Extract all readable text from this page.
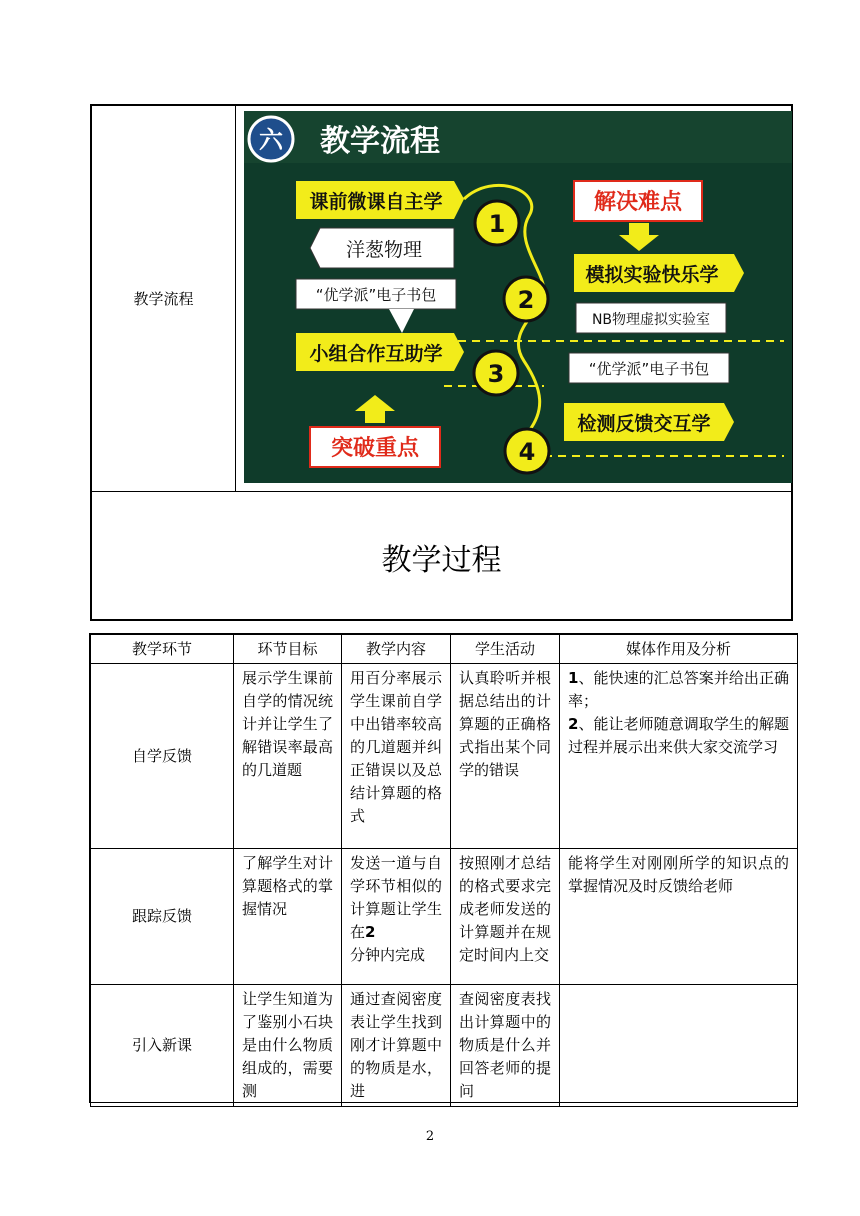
教学流程
六 教学流程
课前微课自主学
模拟实验快乐学
小组合作互助学
检测反馈交互学
1
2
3
4
洋葱物理
“优学派”电子书包
NB物理虚拟实验室
“优学派”电子书包
解决难点
突破重点
教学过程
教学环节	环节目标	教学内容	学生活动	媒体作用及分析
自学反馈	展示学生课前自学的情况统计并让学生了解错误率最高的几道题	用百分率展示学生课前自学中出错率较高的几道题并纠正错误以及总结计算题的格式	认真聆听并根据总结出的计算题的正确格式指出某个同学的错误	1、能快速的汇总答案并给出正确率；
2、能让老师随意调取学生的解题过程并展示出来供大家交流学习
跟踪反馈	了解学生对计算题格式的掌握情况	发送一道与自学环节相似的计算题让学生在2
分钟内完成	按照刚才总结的格式要求完成老师发送的计算题并在规定时间内上交	能将学生对刚刚所学的知识点的掌握情况及时反馈给老师
引入新课	让学生知道为了鉴别小石块是由什么物质组成的，需要测	通过查阅密度表让学生找到刚才计算题中的物质是水，进	查阅密度表找出计算题中的物质是什么并回答老师的提问	
2
